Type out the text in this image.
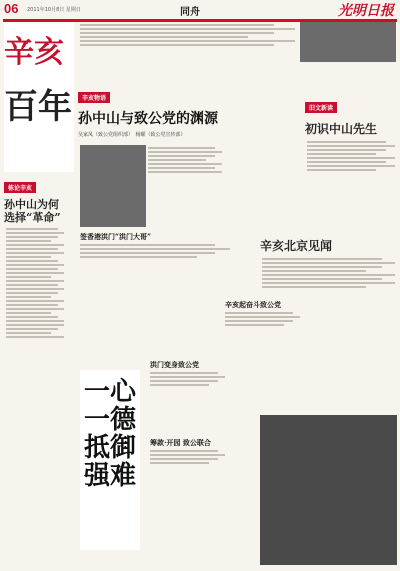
06 2011年10月8日 星期日	同舟	光明日报
辛亥
百年
栋论辛亥
孙中山为何选择“革命”
辛亥物语
孙中山与致公党的渊源
吴家凤（致公党组织部）　杨曜（致公党宣传部）
签香港洪门“洪门大哥”
洪门变身致公党
辛亥起奋斗致公党
筹款·开园 致公联合
一心一德 抵御强难
旧文新读
初识中山先生
辛亥北京见闻
